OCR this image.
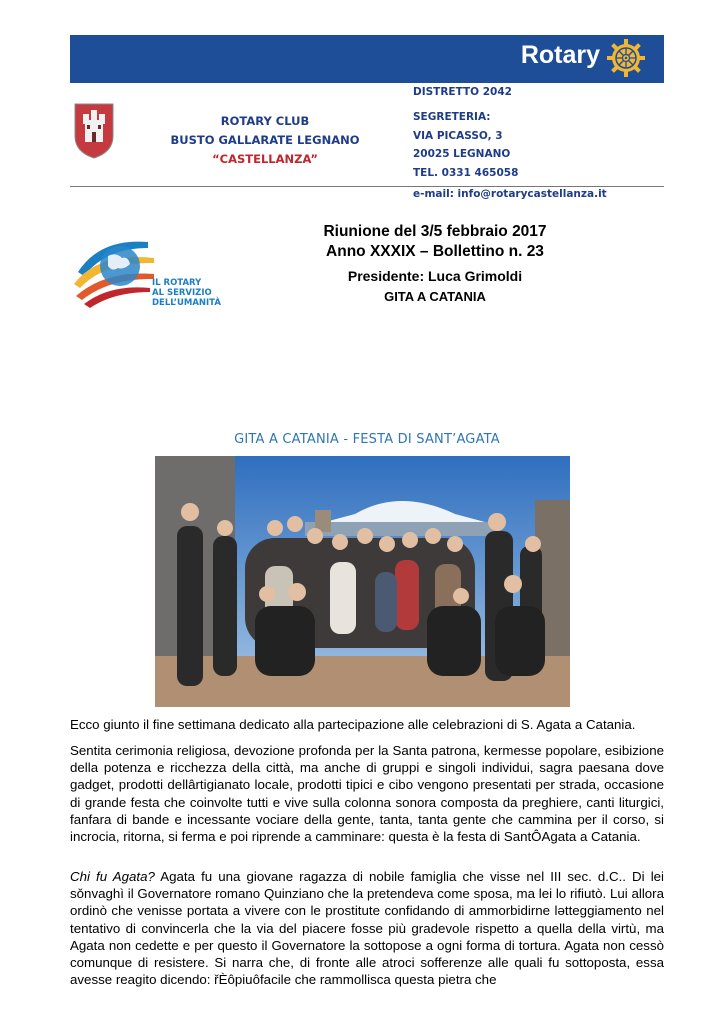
Rotary
ROTARY CLUB
BUSTO GALLARATE LEGNANO
“CASTELLANZA”
DISTRETTO 2042
SEGRETERIA:
VIA PICASSO, 3
20025 LEGNANO
TEL. 0331 465058
e-mail: info@rotarycastellanza.it
IL ROTARY
AL SERVIZIO
DELL’UMANITÀ
Riunione del 3/5 febbraio 2017
Anno XXXIX – Bollettino n. 23
Presidente: Luca Grimoldi
GITA A CATANIA
GITA A CATANIA - FESTA DI SANT’AGATA

Ecco giunto il fine settimana dedicato alla partecipazione alle celebrazioni di S. Agata a Catania.

Sentita cerimonia religiosa, devozione profonda per la Santa patrona, kermesse popolare, esibizione della potenza e ricchezza della città, ma anche di gruppi e singoli individui, sagra paesana dove gadget, prodotti dellârtigianato locale, prodotti tipici e cibo vengono presentati per strada, occasione di grande festa che coinvolte tutti e vive sulla colonna sonora composta da preghiere, canti liturgici, fanfara di bande e incessante vociare della gente, tanta, tanta gente che cammina per il corso, si incrocia, ritorna, si ferma e poi riprende a camminare: questa è la festa di SantÔAgata a Catania.

Chi fu Agata? Agata fu una giovane ragazza di nobile famiglia che visse nel III sec. d.C.. Di lei sǒnvaghì il Governatore romano Quinziano che la pretendeva come sposa, ma lei lo rifiutò. Lui allora ordinò che venisse portata a vivere con le prostitute confidando di ammorbidirne lǝtteggiamento nel tentativo di convincerla che la via del piacere fosse più gradevole rispetto a quella della virtù, ma Agata non cedette e per questo il Governatore la sottopose a ogni forma di tortura. Agata non cessò comunque di resistere. Si narra che, di fronte alle atroci sofferenze alle quali fu sottoposta, essa avesse reagito dicendo: řÈôpiuôfacile che rammollisca questa pietra che
